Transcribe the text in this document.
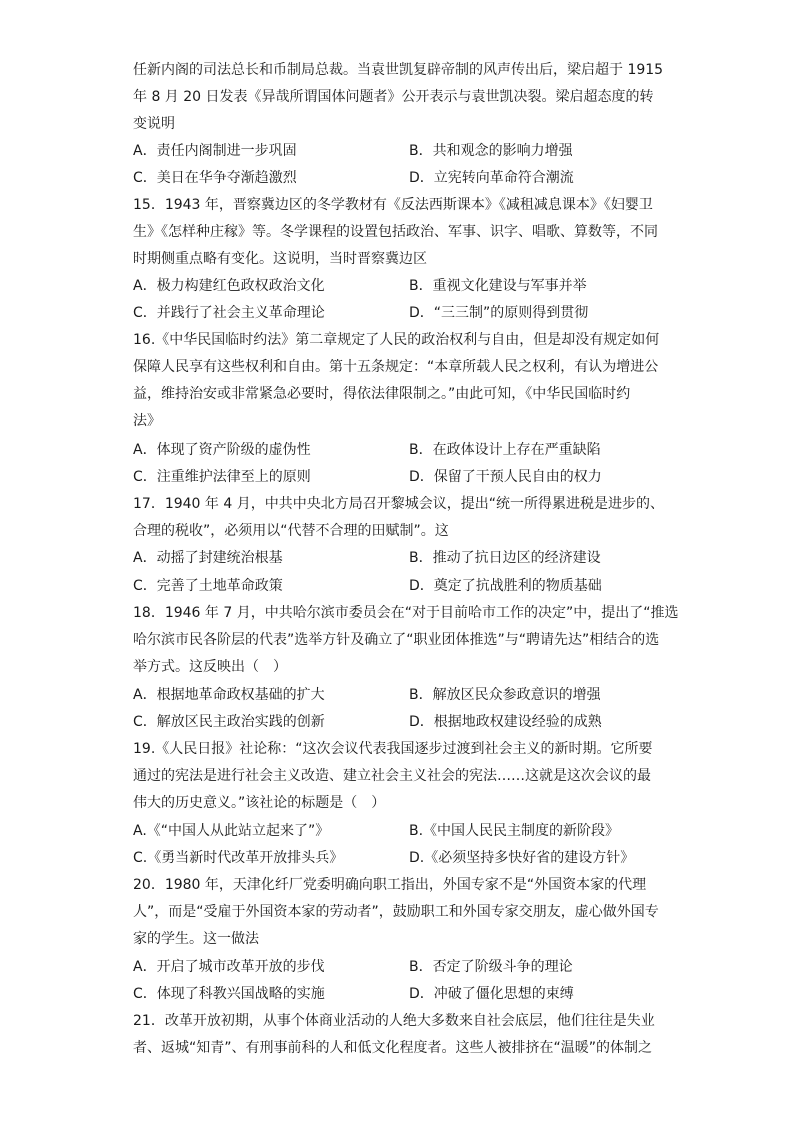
任新内阁的司法总长和币制局总裁。当袁世凯复辟帝制的风声传出后，梁启超于 1915
年 8 月 20 日发表《异哉所谓国体问题者》公开表示与袁世凯决裂。梁启超态度的转
变说明
A．责任内阁制进一步巩固	B．共和观念的影响力增强
C．美日在华争夺渐趋激烈	D．立宪转向革命符合潮流
15．1943 年，晋察冀边区的冬学教材有《反法西斯课本》《减租减息课本》《妇婴卫
生》《怎样种庄稼》等。冬学课程的设置包括政治、军事、识字、唱歌、算数等，不同
时期侧重点略有变化。这说明，当时晋察冀边区
A．极力构建红色政权政治文化	B．重视文化建设与军事并举
C．并践行了社会主义革命理论	D．“三三制”的原则得到贯彻
16.《中华民国临时约法》第二章规定了人民的政治权利与自由，但是却没有规定如何
保障人民享有这些权利和自由。第十五条规定：“本章所载人民之权利，有认为增进公
益，维持治安或非常紧急必要时，得依法律限制之。”由此可知，《中华民国临时约
法》
A．体现了资产阶级的虚伪性	B．在政体设计上存在严重缺陷
C．注重维护法律至上的原则	D．保留了干预人民自由的权力
17．1940 年 4 月，中共中央北方局召开黎城会议，提出“统一所得累进税是进步的、
合理的税收”，必须用以“代替不合理的田赋制”。这
A．动摇了封建统治根基	B．推动了抗日边区的经济建设
C．完善了土地革命政策	D．奠定了抗战胜利的物质基础
18．1946 年 7 月，中共哈尔滨市委员会在“对于目前哈市工作的决定”中，提出了“推选
哈尔滨市民各阶层的代表”选举方针及确立了“职业团体推选”与“聘请先达”相结合的选
举方式。这反映出（　）
A．根据地革命政权基础的扩大	B．解放区民众参政意识的增强
C．解放区民主政治实践的创新	D．根据地政权建设经验的成熟
19.《人民日报》社论称：“这次会议代表我国逐步过渡到社会主义的新时期。它所要
通过的宪法是进行社会主义改造、建立社会主义社会的宪法……这就是这次会议的最
伟大的历史意义。”该社论的标题是（　）
A.《“中国人从此站立起来了”》	B.《中国人民民主制度的新阶段》
C.《勇当新时代改革开放排头兵》	D.《必须坚持多快好省的建设方针》
20．1980 年，天津化纤厂党委明确向职工指出，外国专家不是“外国资本家的代理
人”，而是“受雇于外国资本家的劳动者”，鼓励职工和外国专家交朋友，虚心做外国专
家的学生。这一做法
A．开启了城市改革开放的步伐	B．否定了阶级斗争的理论
C．体现了科教兴国战略的实施	D．冲破了僵化思想的束缚
21．改革开放初期，从事个体商业活动的人绝大多数来自社会底层，他们往往是失业
者、返城“知青”、有刑事前科的人和低文化程度者。这些人被排挤在“温暖”的体制之
